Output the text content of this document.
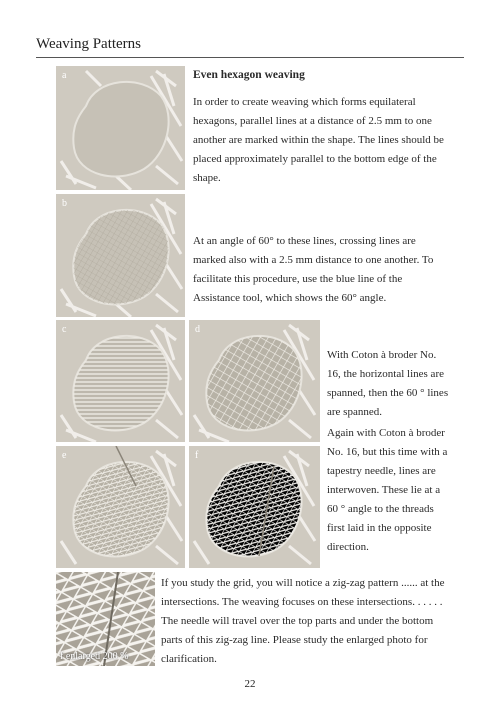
Weaving Patterns
a
b
c	d
e	f
f enlarged 200 %
Even hexagon weaving
In order to create weaving which forms equilateral hexagons, parallel lines at a distance of 2.5 mm to one another are marked within the shape. The lines should be placed approximately parallel to the bottom edge of the shape.
At an angle of 60° to these lines, crossing lines are marked also with a 2.5 mm distance to one another. To facilitate this procedure, use the blue line of the Assistance tool, which shows the 60° angle.
With Coton à broder No. 16, the horizontal lines are spanned, then the 60 ° lines are spanned.
Again with Coton à broder No. 16, but this time with a tapestry needle, lines are interwoven. These lie at a 60 ° angle to the threads first laid in the opposite direction.
If you study the grid, you will notice a zig-zag pattern ...... at the intersections. The weaving focuses on these intersections. . . . . . The needle will travel over the top parts and under the bottom parts of this zig-zag line. Please study the enlarged photo for clarification.
22
